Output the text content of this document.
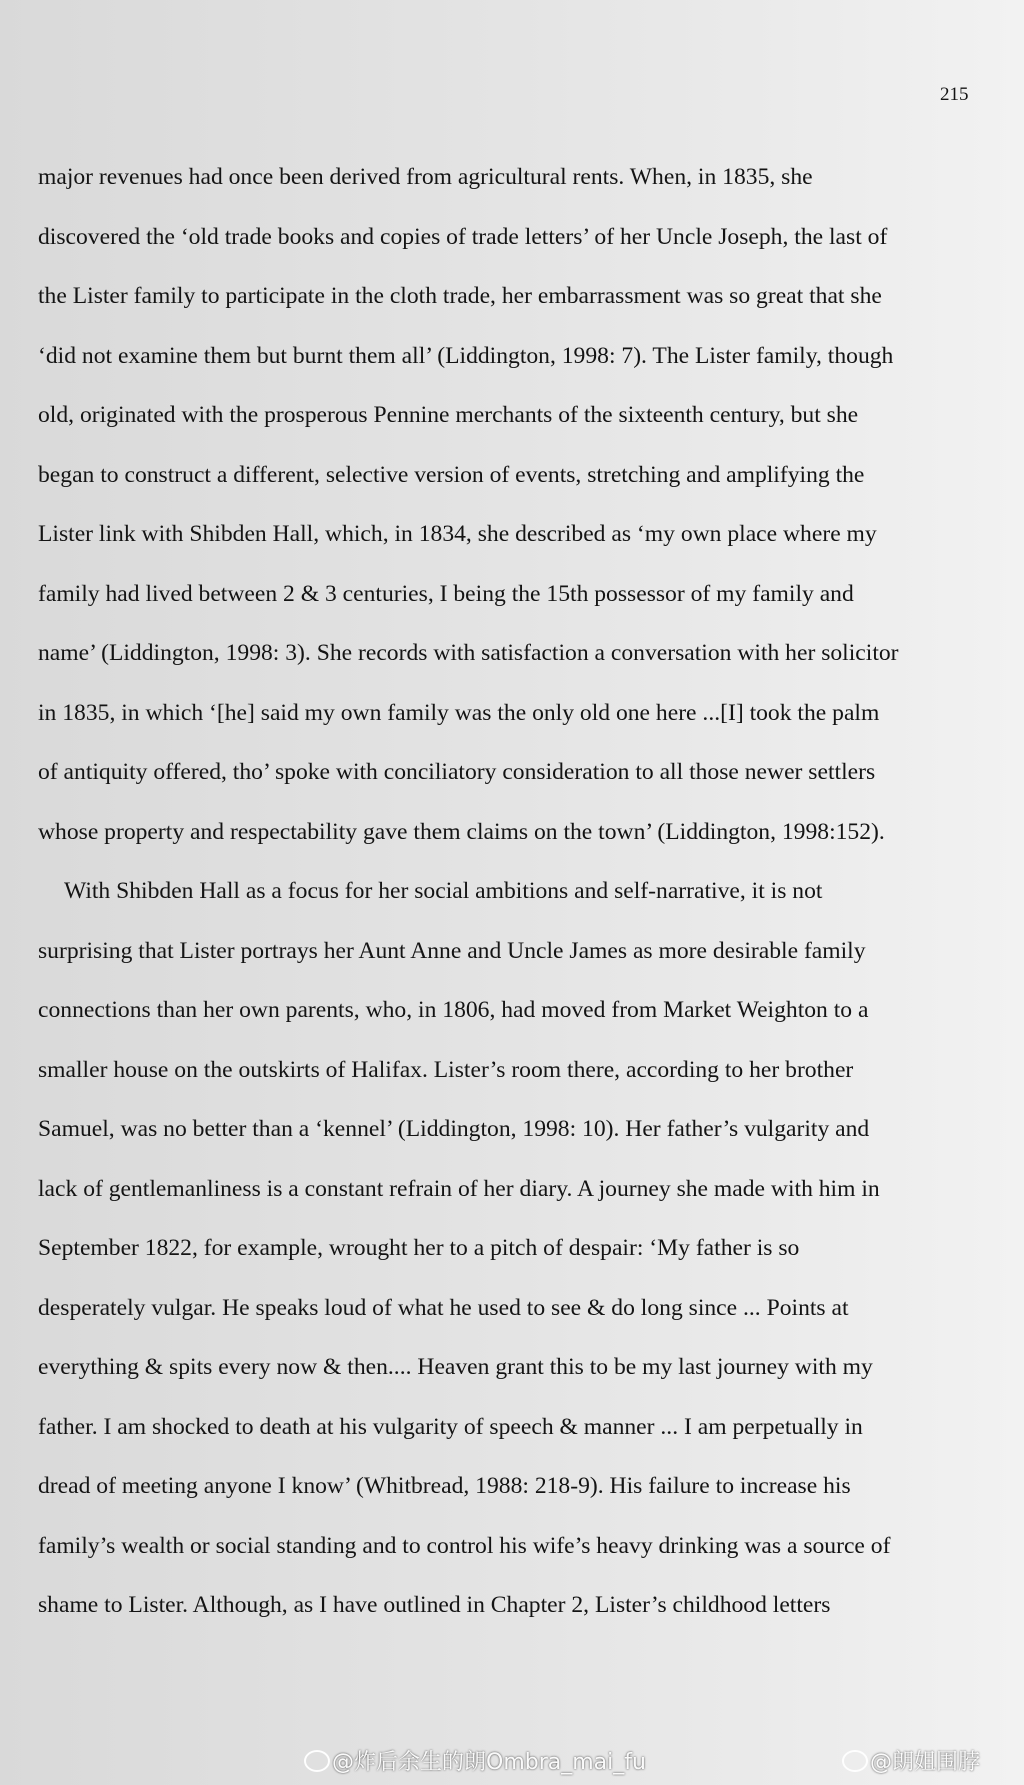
215
major revenues had once been derived from agricultural rents. When, in 1835, she
discovered the ‘old trade books and copies of trade letters’ of her Uncle Joseph, the last of
the Lister family to participate in the cloth trade, her embarrassment was so great that she
‘did not examine them but burnt them all’ (Liddington, 1998: 7). The Lister family, though
old, originated with the prosperous Pennine merchants of the sixteenth century, but she
began to construct a different, selective version of events, stretching and amplifying the
Lister link with Shibden Hall, which, in 1834, she described as ‘my own place where my
family had lived between 2 & 3 centuries, I being the 15th possessor of my family and
name’ (Liddington, 1998: 3). She records with satisfaction a conversation with her solicitor
in 1835, in which ‘[he] said my own family was the only old one here ...[I] took the palm
of antiquity offered, tho’ spoke with conciliatory consideration to all those newer settlers
whose property and respectability gave them claims on the town’ (Liddington, 1998:152).
With Shibden Hall as a focus for her social ambitions and self-narrative, it is not
surprising that Lister portrays her Aunt Anne and Uncle James as more desirable family
connections than her own parents, who, in 1806, had moved from Market Weighton to a
smaller house on the outskirts of Halifax. Lister’s room there, according to her brother
Samuel, was no better than a ‘kennel’ (Liddington, 1998: 10). Her father’s vulgarity and
lack of gentlemanliness is a constant refrain of her diary. A journey she made with him in
September 1822, for example, wrought her to a pitch of despair: ‘My father is so
desperately vulgar. He speaks loud of what he used to see & do long since ... Points at
everything & spits every now & then.... Heaven grant this to be my last journey with my
father. I am shocked to death at his vulgarity of speech & manner ... I am perpetually in
dread of meeting anyone I know’ (Whitbread, 1988: 218-9). His failure to increase his
family’s wealth or social standing and to control his wife’s heavy drinking was a source of
shame to Lister. Although, as I have outlined in Chapter 2, Lister’s childhood letters
@炸后余生的朗Ombra_mai_fu	@朗姐围脖
